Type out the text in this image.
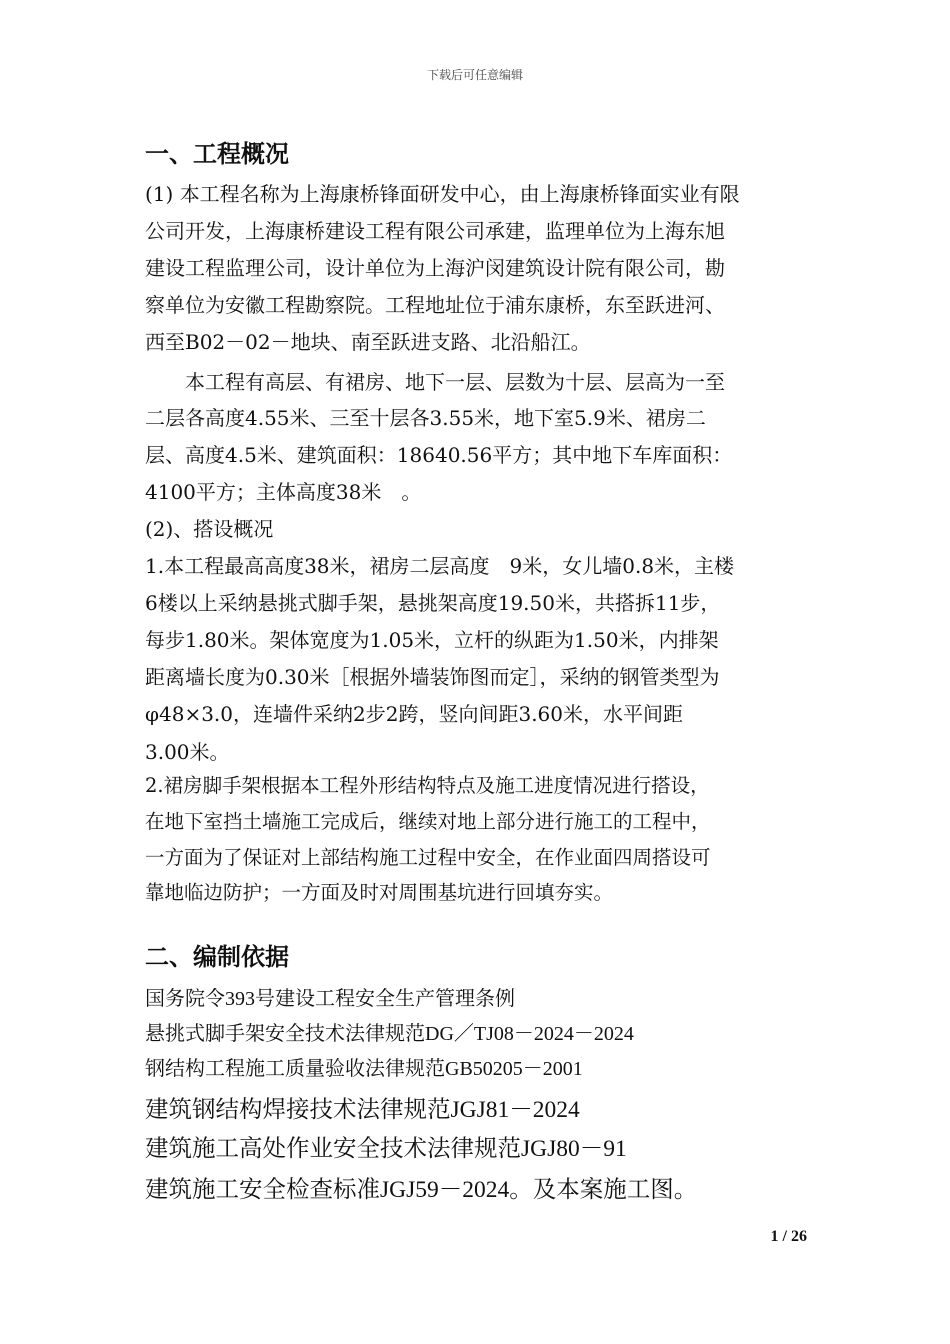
下载后可任意编辑
一、工程概况
(1) 本工程名称为上海康桥锋面研发中心，由上海康桥锋面实业有限
公司开发，上海康桥建设工程有限公司承建，监理单位为上海东旭
建设工程监理公司，设计单位为上海沪闵建筑设计院有限公司，勘
察单位为安徽工程勘察院。工程地址位于浦东康桥，东至跃进河、
西至B02－02－地块、南至跃进支路、北沿船江。
　　本工程有高层、有裙房、地下一层、层数为十层、层高为一至
二层各高度4.55米、三至十层各3.55米，地下室5.9米、裙房二
层、高度4.5米、建筑面积：18640.56平方；其中地下车库面积：
4100平方；主体高度38米　。
(2)、搭设概况
1.本工程最高高度38米，裙房二层高度　9米，女儿墙0.8米，主楼
6楼以上采纳悬挑式脚手架，悬挑架高度19.50米，共搭拆11步，
每步1.80米。架体宽度为1.05米，立杆的纵距为1.50米，内排架
距离墙长度为0.30米［根据外墙装饰图而定］，采纳的钢管类型为
φ48×3.0，连墙件采纳2步2跨，竖向间距3.60米，水平间距
3.00米。
2.裙房脚手架根据本工程外形结构特点及施工进度情况进行搭设，
在地下室挡土墙施工完成后，继续对地上部分进行施工的工程中，
一方面为了保证对上部结构施工过程中安全，在作业面四周搭设可
靠地临边防护；一方面及时对周围基坑进行回填夯实。
二、编制依据
国务院令393号建设工程安全生产管理条例
悬挑式脚手架安全技术法律规范DG／TJ08－2024－2024
钢结构工程施工质量验收法律规范GB50205－2001
建筑钢结构焊接技术法律规范JGJ81－2024
建筑施工高处作业安全技术法律规范JGJ80－91
建筑施工安全检查标准JGJ59－2024。及本案施工图。
1 / 26
